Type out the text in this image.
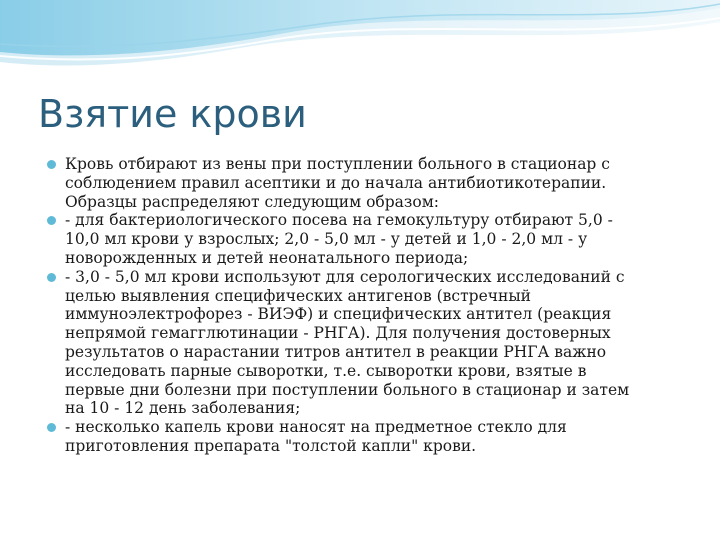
Взятие крови
Кровь отбирают из вены при поступлении больного в стационар с
соблюдением правил асептики и до начала антибиотикотерапии.
Образцы распределяют следующим образом:
- для бактериологического посева на гемокультуру отбирают 5,0 -
10,0 мл крови у взрослых; 2,0 - 5,0 мл - у детей и 1,0 - 2,0 мл - у
новорожденных и детей неонатального периода;
- 3,0 - 5,0 мл крови используют для серологических исследований с
целью выявления специфических антигенов (встречный
иммуноэлектрофорез - ВИЭФ) и специфических антител (реакция
непрямой гемагглютинации - РНГА). Для получения достоверных
результатов о нарастании титров антител в реакции РНГА важно
исследовать парные сыворотки, т.е. сыворотки крови, взятые в
первые дни болезни при поступлении больного в стационар и затем
на 10 - 12 день заболевания;
- несколько капель крови наносят на предметное стекло для
приготовления препарата "толстой капли" крови.
